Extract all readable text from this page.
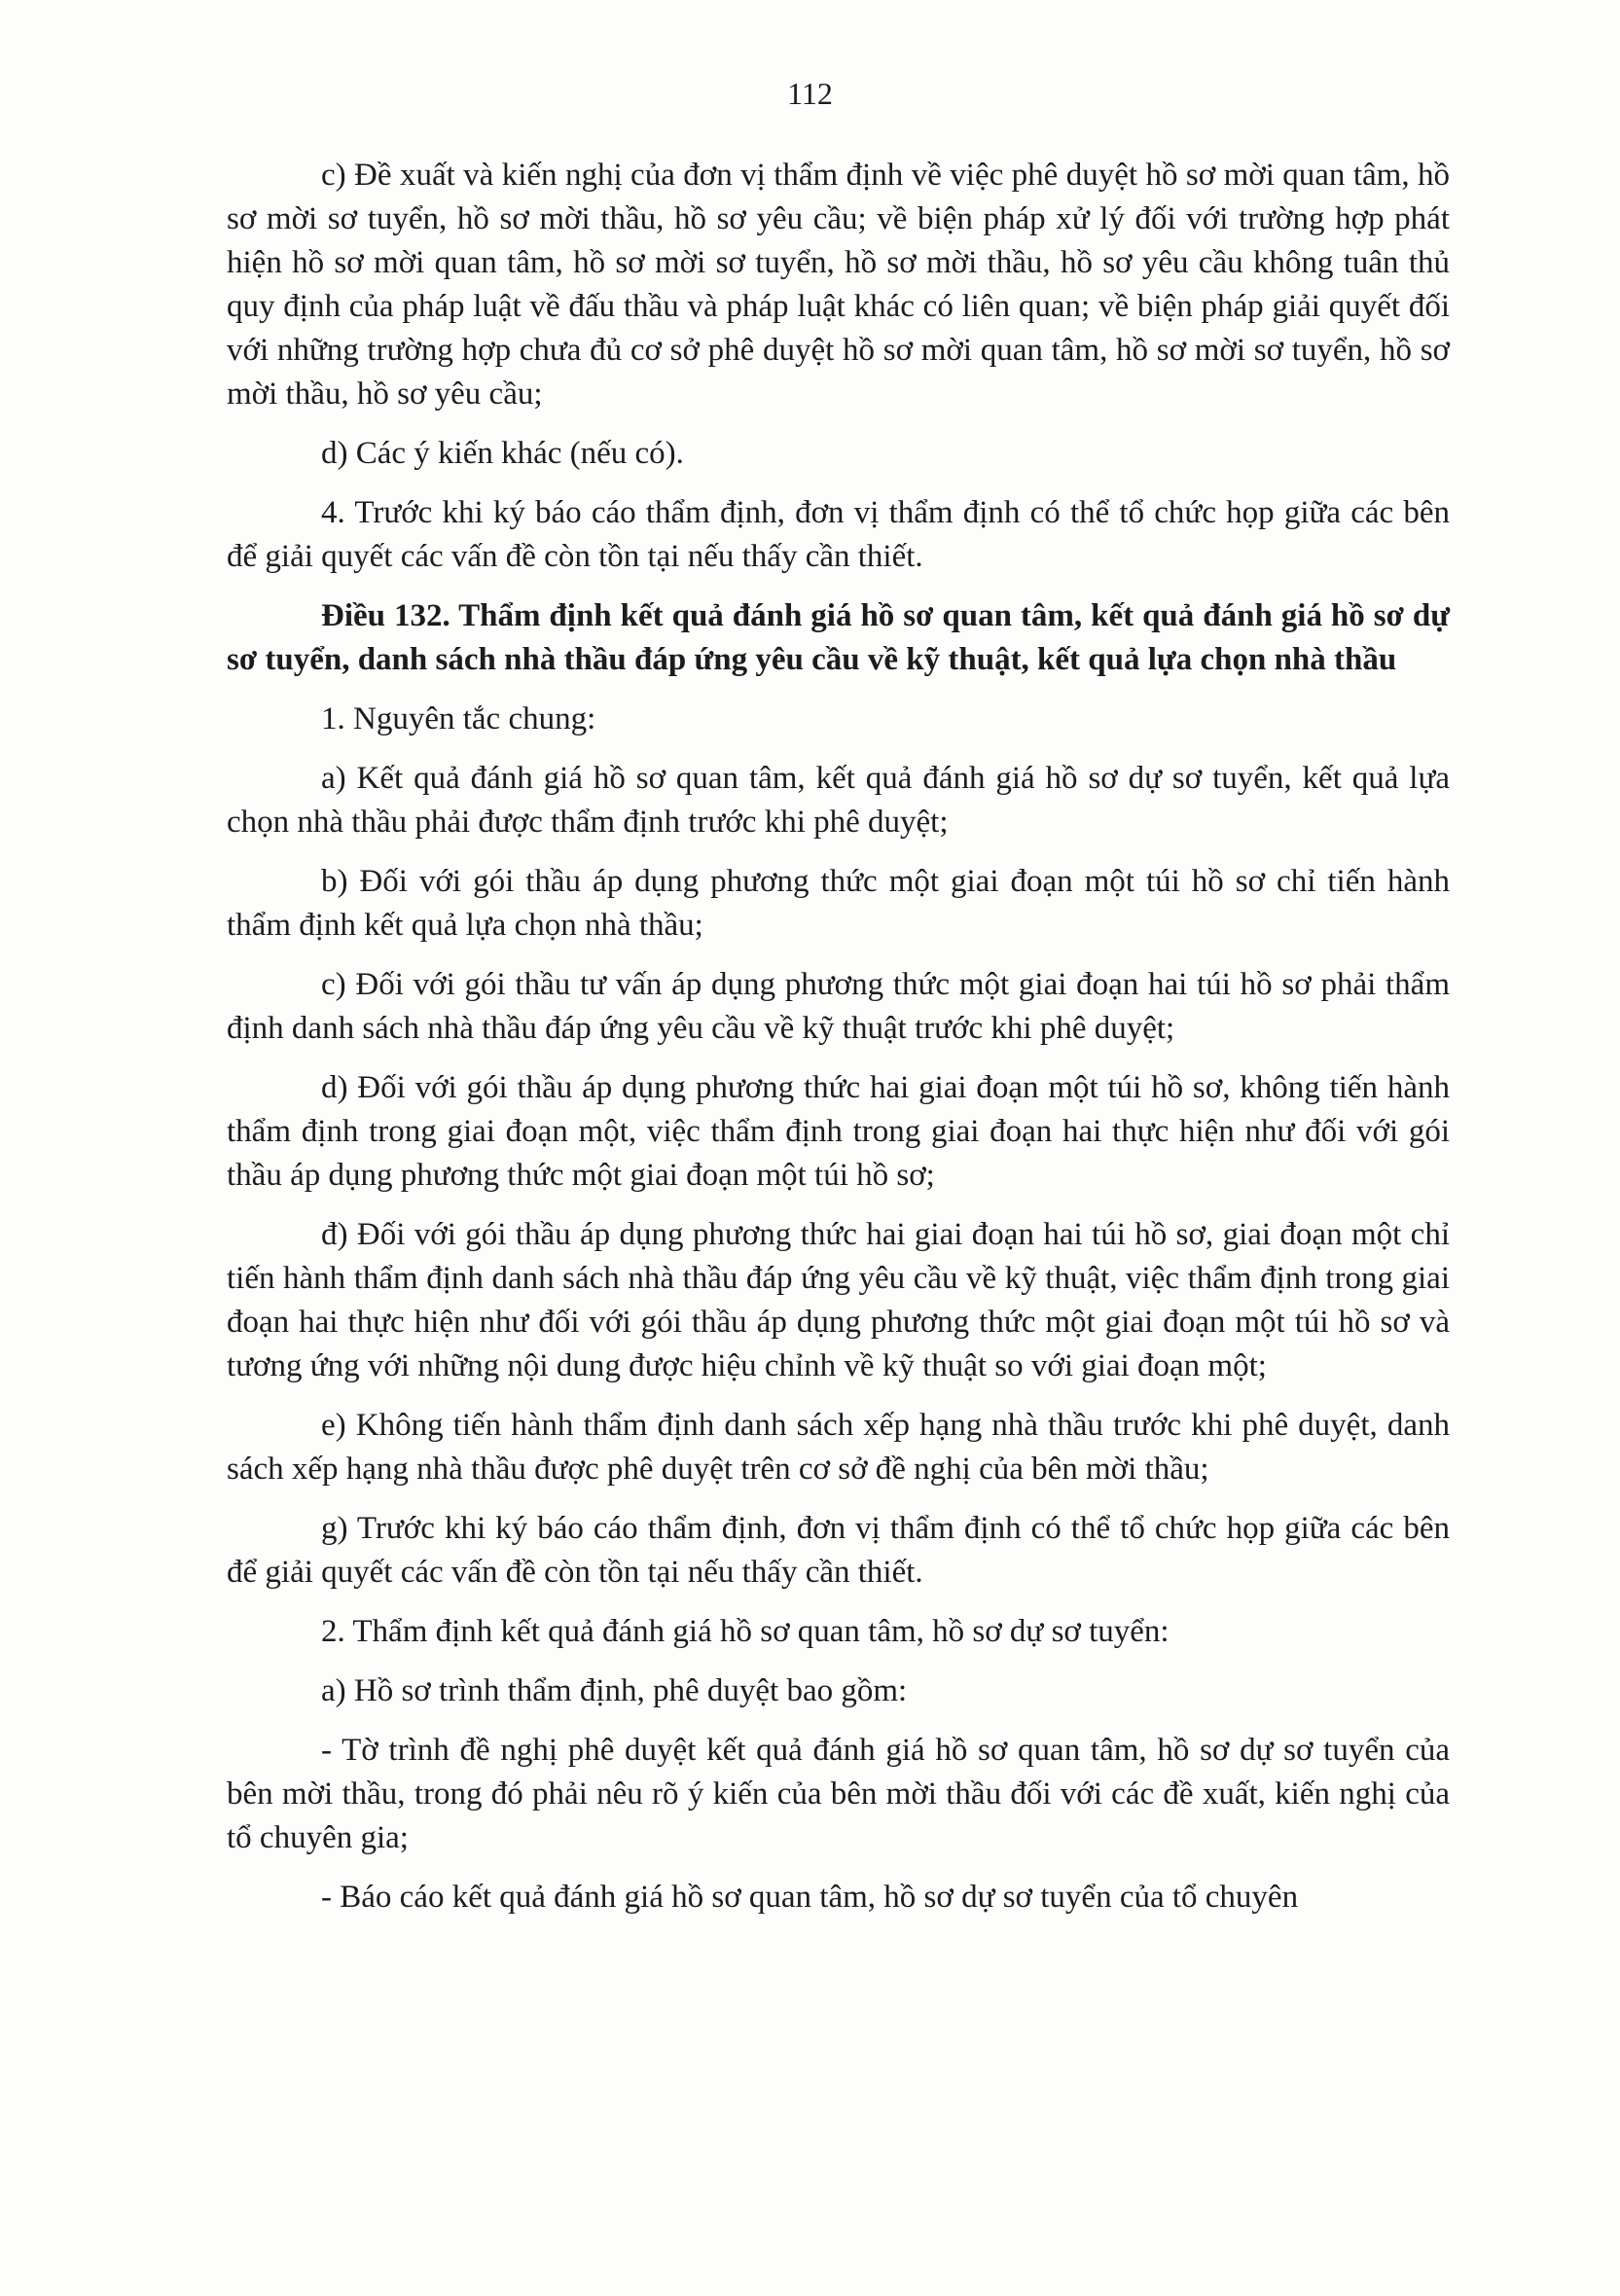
112

c) Đề xuất và kiến nghị của đơn vị thẩm định về việc phê duyệt hồ sơ mời quan tâm, hồ sơ mời sơ tuyển, hồ sơ mời thầu, hồ sơ yêu cầu; về biện pháp xử lý đối với trường hợp phát hiện hồ sơ mời quan tâm, hồ sơ mời sơ tuyển, hồ sơ mời thầu, hồ sơ yêu cầu không tuân thủ quy định của pháp luật về đấu thầu và pháp luật khác có liên quan; về biện pháp giải quyết đối với những trường hợp chưa đủ cơ sở phê duyệt hồ sơ mời quan tâm, hồ sơ mời sơ tuyển, hồ sơ mời thầu, hồ sơ yêu cầu;

d) Các ý kiến khác (nếu có).

4. Trước khi ký báo cáo thẩm định, đơn vị thẩm định có thể tổ chức họp giữa các bên để giải quyết các vấn đề còn tồn tại nếu thấy cần thiết.

Điều 132. Thẩm định kết quả đánh giá hồ sơ quan tâm, kết quả đánh giá hồ sơ dự sơ tuyển, danh sách nhà thầu đáp ứng yêu cầu về kỹ thuật, kết quả lựa chọn nhà thầu

1. Nguyên tắc chung:

a) Kết quả đánh giá hồ sơ quan tâm, kết quả đánh giá hồ sơ dự sơ tuyển, kết quả lựa chọn nhà thầu phải được thẩm định trước khi phê duyệt;

b) Đối với gói thầu áp dụng phương thức một giai đoạn một túi hồ sơ chỉ tiến hành thẩm định kết quả lựa chọn nhà thầu;

c) Đối với gói thầu tư vấn áp dụng phương thức một giai đoạn hai túi hồ sơ phải thẩm định danh sách nhà thầu đáp ứng yêu cầu về kỹ thuật trước khi phê duyệt;

d) Đối với gói thầu áp dụng phương thức hai giai đoạn một túi hồ sơ, không tiến hành thẩm định trong giai đoạn một, việc thẩm định trong giai đoạn hai thực hiện như đối với gói thầu áp dụng phương thức một giai đoạn một túi hồ sơ;

đ) Đối với gói thầu áp dụng phương thức hai giai đoạn hai túi hồ sơ, giai đoạn một chỉ tiến hành thẩm định danh sách nhà thầu đáp ứng yêu cầu về kỹ thuật, việc thẩm định trong giai đoạn hai thực hiện như đối với gói thầu áp dụng phương thức một giai đoạn một túi hồ sơ và tương ứng với những nội dung được hiệu chỉnh về kỹ thuật so với giai đoạn một;

e) Không tiến hành thẩm định danh sách xếp hạng nhà thầu trước khi phê duyệt, danh sách xếp hạng nhà thầu được phê duyệt trên cơ sở đề nghị của bên mời thầu;

g) Trước khi ký báo cáo thẩm định, đơn vị thẩm định có thể tổ chức họp giữa các bên để giải quyết các vấn đề còn tồn tại nếu thấy cần thiết.

2. Thẩm định kết quả đánh giá hồ sơ quan tâm, hồ sơ dự sơ tuyển:

a) Hồ sơ trình thẩm định, phê duyệt bao gồm:

- Tờ trình đề nghị phê duyệt kết quả đánh giá hồ sơ quan tâm, hồ sơ dự sơ tuyển của bên mời thầu, trong đó phải nêu rõ ý kiến của bên mời thầu đối với các đề xuất, kiến nghị của tổ chuyên gia;

- Báo cáo kết quả đánh giá hồ sơ quan tâm, hồ sơ dự sơ tuyển của tổ chuyên
